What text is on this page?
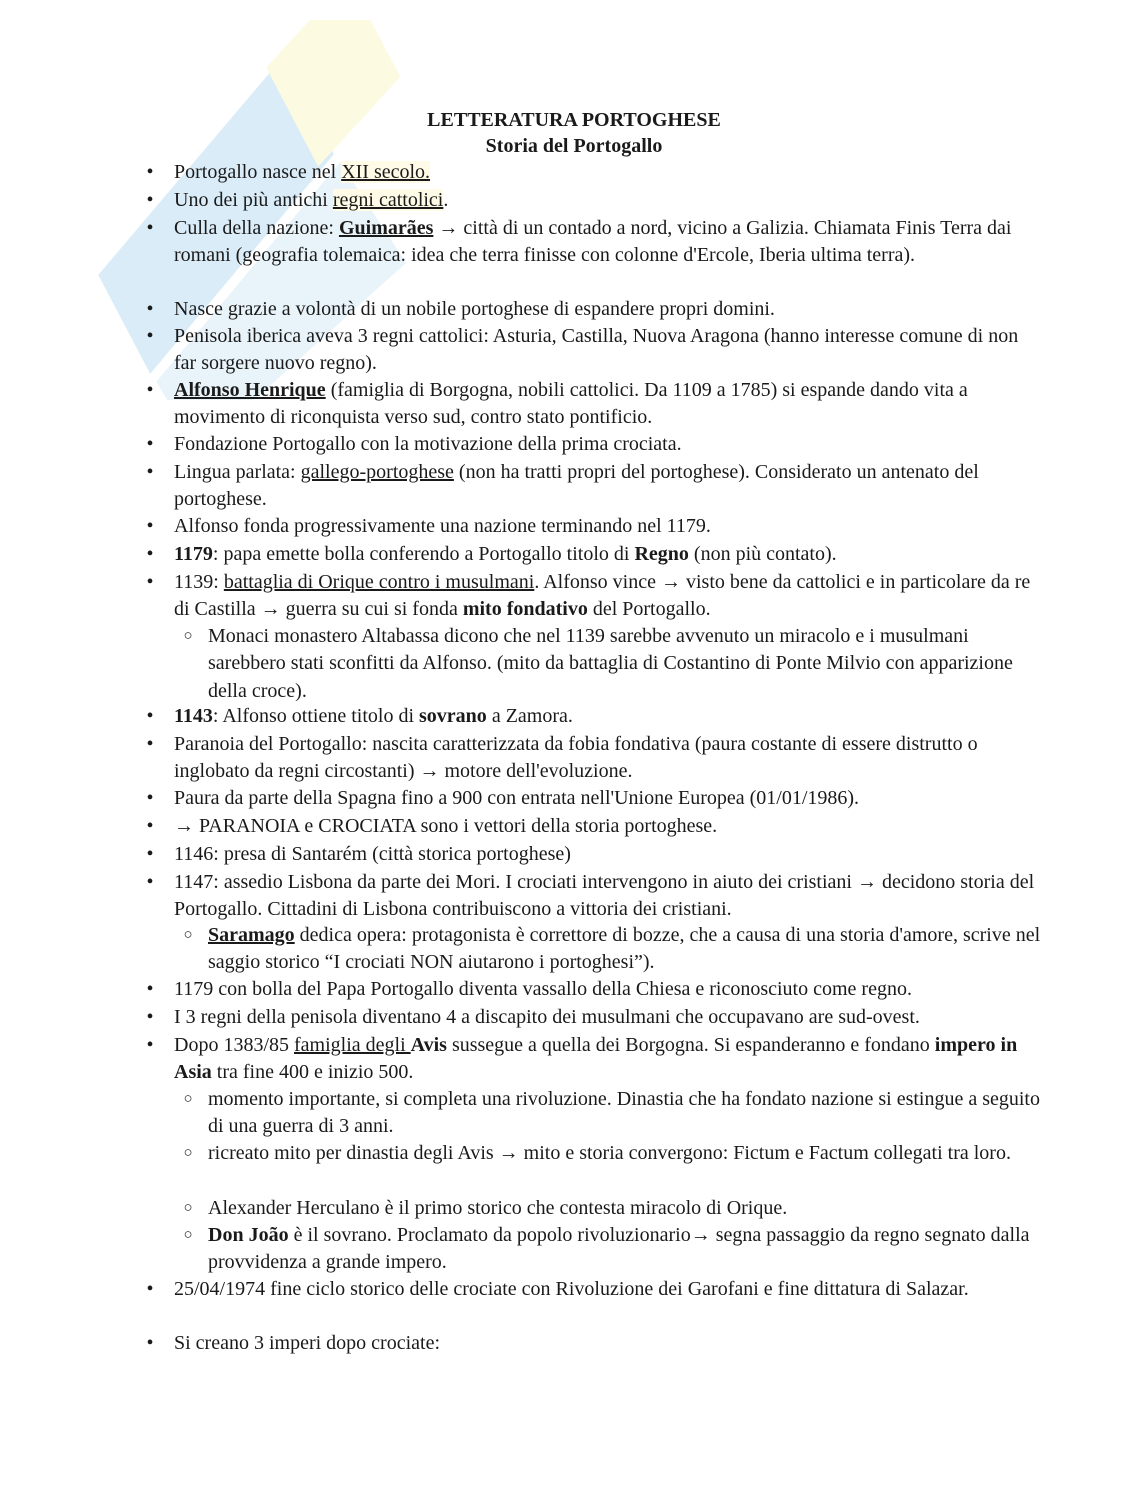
LETTERATURA PORTOGHESE
Storia del Portogallo
•	Portogallo nasce nel XII secolo.
•	Uno dei più antichi regni cattolici.
•	Culla della nazione: Guimarães → città di un contado a nord, vicino a Galizia. Chiamata Finis Terra dai romani (geografia tolemaica: idea che terra finisse con colonne d'Ercole, Iberia ultima terra).
•	Nasce grazie a volontà di un nobile portoghese di espandere propri domini.
•	Penisola iberica aveva 3 regni cattolici: Asturia, Castilla, Nuova Aragona (hanno interesse comune di non far sorgere nuovo regno).
•	Alfonso Henrique (famiglia di Borgogna, nobili cattolici. Da 1109 a 1785) si espande dando vita a movimento di riconquista verso sud, contro stato pontificio.
•	Fondazione Portogallo con la motivazione della prima crociata.
•	Lingua parlata: gallego-portoghese (non ha tratti propri del portoghese). Considerato un antenato del portoghese.
•	Alfonso fonda progressivamente una nazione terminando nel 1179.
•	1179: papa emette bolla conferendo a Portogallo titolo di Regno (non più contato).
•	1139: battaglia di Orique contro i musulmani. Alfonso vince → visto bene da cattolici e in particolare da re di Castilla → guerra su cui si fonda mito fondativo del Portogallo.
○ Monaci monastero Altabassa dicono che nel 1139 sarebbe avvenuto un miracolo e i musulmani sarebbero stati sconfitti da Alfonso. (mito da battaglia di Costantino di Ponte Milvio con apparizione della croce).
•	1143: Alfonso ottiene titolo di sovrano a Zamora.
•	Paranoia del Portogallo: nascita caratterizzata da fobia fondativa (paura costante di essere distrutto o inglobato da regni circostanti) → motore dell'evoluzione.
•	Paura da parte della Spagna fino a 900 con entrata nell'Unione Europea (01/01/1986).
•	→ PARANOIA e CROCIATA sono i vettori della storia portoghese.
•	1146: presa di Santarém (città storica portoghese)
•	1147: assedio Lisbona da parte dei Mori. I crociati intervengono in aiuto dei cristiani → decidono storia del Portogallo. Cittadini di Lisbona contribuiscono a vittoria dei cristiani.
○ Saramago dedica opera: protagonista è correttore di bozze, che a causa di una storia d'amore, scrive nel saggio storico “I crociati NON aiutarono i portoghesi”).
•	1179 con bolla del Papa Portogallo diventa vassallo della Chiesa e riconosciuto come regno.
•	I 3 regni della penisola diventano 4 a discapito dei musulmani che occupavano are sud-ovest.
•	Dopo 1383/85 famiglia degli Avis sussegue a quella dei Borgogna. Si espanderanno e fondano impero in Asia tra fine 400 e inizio 500.
○ momento importante, si completa una rivoluzione. Dinastia che ha fondato nazione si estingue a seguito di una guerra di 3 anni.
○ ricreato mito per dinastia degli Avis → mito e storia convergono: Fictum e Factum collegati tra loro.
○ Alexander Herculano è il primo storico che contesta miracolo di Orique.
○ Don João è il sovrano. Proclamato da popolo rivoluzionario→ segna passaggio da regno segnato dalla provvidenza a grande impero.
•	25/04/1974 fine ciclo storico delle crociate con Rivoluzione dei Garofani e fine dittatura di Salazar.
•	Si creano 3 imperi dopo crociate:
